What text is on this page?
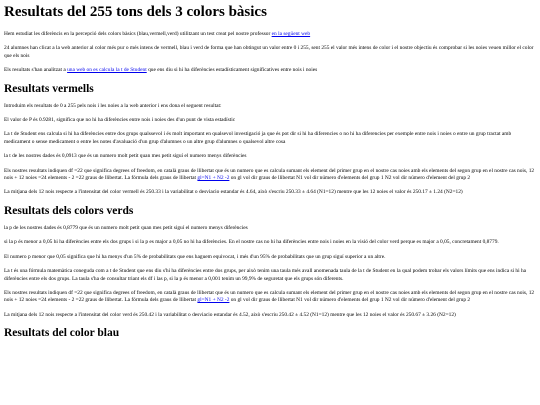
Resultats del 255 tons dels 3 colors bàsics

Hem estudiat les diferèncis en la percepció dels colors bàsics (blau,vermell,verd) utilitzant un test creat pel nostre professor en la següent web

24 alumnes han clicat a la web anterior al color més pur o més intens de vermell, blau i verd de forma que han obtingut un valor entre 0 i 255, sent 255 el valor més intens de color i el nostre objectiu és comprobar si les noies veuen millor el color que els nois

Els resultats s'han analitzat a una web on es calcula la t de Student que ens diu si hi ha diferències estadísticament significatives entre nois i noies

Resultats vermells

Introduim els resultats de 0 a 255 pels nois i les noies a la web anterior i ens dona el seguent resultat:

El valor de P és 0.9281, significa que no hi ha diferències entre nois i noies des d'un punt de vista estadístic

La t de Student ens calcula si hi ha diferències entre dos grups qualssevol i és molt important en qualsevol investigació ja que és pot dir si hi ha diferencies o no hi ha diferencies per exemple entre nois i noies o entre un grup tractat amb medicament o sense medicament o entre les notes d'avaluació d'un grup d'alumnes o un altre grup d'alumnes o qualsevol altre cosa

la t de les nostres dades és 0,0913 que és un numero molt petit quan mes petit siguí el numero menys diferències

Els nostres resultats indiquen df =22 que significa degrees of freedom, en català graus de llibertat que és un numero que es calcula sumant els element del primer grup en el nostre cas noies amb els elements del segon grup en el nostre cas nois, 12 nois + 12 noies =24 elements - 2 =22 graus de llibertat. La fórmula dels graus de llibertat gl=N1 + N2 -2 on gl vol dir graus de llibertat N1 vol dir número d'elements del grup 1 N2 vol dir número d'element del grup 2

La mitjana dels 12 nois respecte a l'intensitat del color vermell és 250.33 i la variabilitat o desviacio estandar és 4.64, això s'escriu 250.33 ± 4.64 (N1=12) mentre que les 12 noies el valor és 250.17 ± 1.24 (N2=12)

Resultats dels colors verds

la p de les nostres dades és 0,8779 que és un numero molt petit quan mes petit siguí el numero menys diferències

si la p és menor a 0,05 hi ha diferències entre els dos grups i si la p es major a 0,05 no hi ha diferències. En el nostre cas no hi ha diferències entre nois i noies en la visió del color verd perque es major a 0,05, concretament 0,8779.

El numero p menor que 0,05 significa que hi ha menys d'un 5% de probabilitats que ens haguem equivocat, i més d'un 95% de probabilitats que un grup siguí superior a un altre.

La t és una fórmula matemàtica coneguda com a t de Student que ens diu s'hi ha diferències entre dos grups, per això tenim una taula més avall anomenada taula de la t de Student en la qual podem trobar els valors límits que ens indica si hi ha diferències entre els dos grups. La taula s'ha de consultar triant els df i las p, si la p és menor a 0,001 tenim un 99,9% de seguretat que els grups són diferents.

Els nostres resultats indiquen df =22 que significa degrees of freedom, en català graus de llibertat que és un numero que es calcula sumant els element del primer grup en el nostre cas noies amb els elements del segon grup en el nostre cas nois, 12 nois + 12 noies =24 elements - 2 =22 graus de llibertat. La fórmula dels graus de llibertat gl=N1 + N2 -2 on gl vol dir graus de llibertat N1 vol dir número d'elements del grup 1 N2 vol dir número d'element del grup 2

La mitjana dels 12 nois respecte a l'intensitat del color verd és 250.42 i la variabilitat o desviacio estandar és 4.52, això s'escriu 250.42 ± 4.52 (N1=12) mentre que les 12 noies el valor és 250.67 ± 3.26 (N2=12)

Resultats del color blau
